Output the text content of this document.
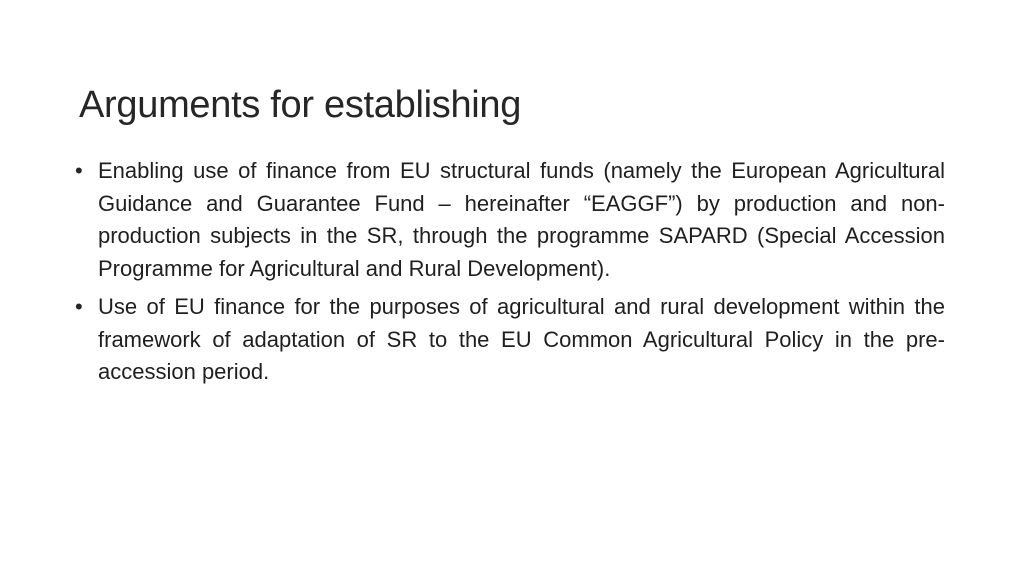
Arguments for establishing
• Enabling use of finance from EU structural funds (namely the European Agricultural Guidance and Guarantee Fund – hereinafter “EAGGF”) by production and non-production subjects in the SR, through the programme SAPARD (Special Accession Programme for Agricultural and Rural Development).
• Use of EU finance for the purposes of agricultural and rural development within the framework of adaptation of SR to the EU Common Agricultural Policy in the pre-accession period.
